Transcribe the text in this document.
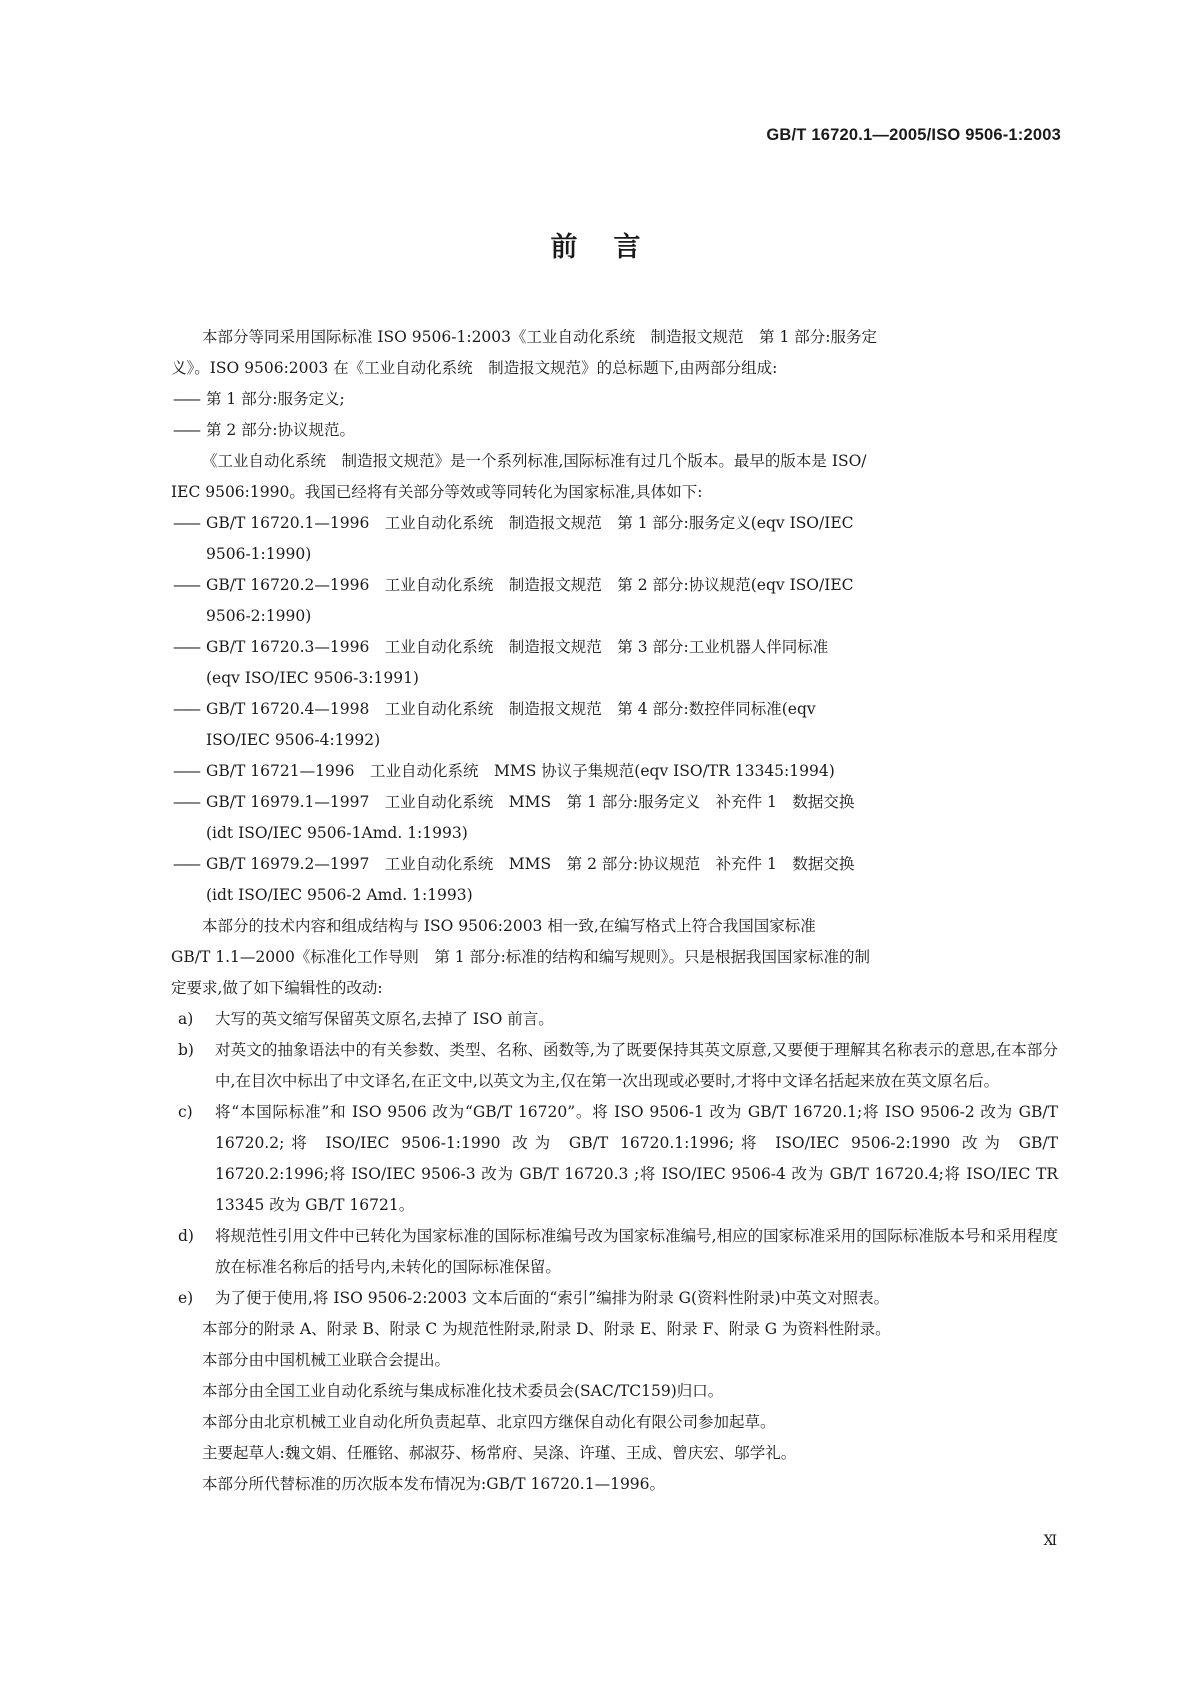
GB/T 16720.1—2005/ISO 9506-1:2003
前言
本部分等同采用国际标准 ISO 9506-1:2003《工业自动化系统　制造报文规范　第 1 部分:服务定
义》。ISO 9506:2003 在《工业自动化系统　制造报文规范》的总标题下,由两部分组成:
—— 第 1 部分:服务定义;
—— 第 2 部分:协议规范。
《工业自动化系统　制造报文规范》是一个系列标准,国际标准有过几个版本。最早的版本是 ISO/
IEC 9506:1990。我国已经将有关部分等效或等同转化为国家标准,具体如下:
—— GB/T 16720.1—1996　工业自动化系统　制造报文规范　第 1 部分:服务定义(eqv ISO/IEC
9506-1:1990)
—— GB/T 16720.2—1996　工业自动化系统　制造报文规范　第 2 部分:协议规范(eqv ISO/IEC
9506-2:1990)
—— GB/T 16720.3—1996　工业自动化系统　制造报文规范　第 3 部分:工业机器人伴同标准
(eqv ISO/IEC 9506-3:1991)
—— GB/T 16720.4—1998　工业自动化系统　制造报文规范　第 4 部分:数控伴同标准(eqv
ISO/IEC 9506-4:1992)
—— GB/T 16721—1996　工业自动化系统　MMS 协议子集规范(eqv ISO/TR 13345:1994)
—— GB/T 16979.1—1997　工业自动化系统　MMS　第 1 部分:服务定义　补充件 1　数据交换
(idt ISO/IEC 9506-1Amd. 1:1993)
—— GB/T 16979.2—1997　工业自动化系统　MMS　第 2 部分:协议规范　补充件 1　数据交换
(idt ISO/IEC 9506-2 Amd. 1:1993)
本部分的技术内容和组成结构与 ISO 9506:2003 相一致,在编写格式上符合我国国家标准
GB/T 1.1—2000《标准化工作导则　第 1 部分:标准的结构和编写规则》。只是根据我国国家标准的制
定要求,做了如下编辑性的改动:
a) 大写的英文缩写保留英文原名,去掉了 ISO 前言。
b) 对英文的抽象语法中的有关参数、类型、名称、函数等,为了既要保持其英文原意,又要便于理解其名称表示的意思,在本部分中,在目次中标出了中文译名,在正文中,以英文为主,仅在第一次出现或必要时,才将中文译名括起来放在英文原名后。
c) 将“本国际标准”和 ISO 9506 改为“GB/T 16720”。将 ISO 9506-1 改为 GB/T 16720.1;将 ISO 9506-2 改为 GB/T 16720.2;将 ISO/IEC 9506-1:1990 改为 GB/T 16720.1:1996;将 ISO/IEC 9506-2:1990 改为 GB/T 16720.2:1996;将 ISO/IEC 9506-3 改为 GB/T 16720.3 ;将 ISO/IEC 9506-4 改为 GB/T 16720.4;将 ISO/IEC TR 13345 改为 GB/T 16721。
d) 将规范性引用文件中已转化为国家标准的国际标准编号改为国家标准编号,相应的国家标准采用的国际标准版本号和采用程度放在标准名称后的括号内,未转化的国际标准保留。
e) 为了便于使用,将 ISO 9506-2:2003 文本后面的“索引”编排为附录 G(资料性附录)中英文对照表。
本部分的附录 A、附录 B、附录 C 为规范性附录,附录 D、附录 E、附录 F、附录 G 为资料性附录。
本部分由中国机械工业联合会提出。
本部分由全国工业自动化系统与集成标准化技术委员会(SAC/TC159)归口。
本部分由北京机械工业自动化所负责起草、北京四方继保自动化有限公司参加起草。
主要起草人:魏文娟、任雁铭、郝淑芬、杨常府、吴涤、许瑾、王成、曾庆宏、邬学礼。
本部分所代替标准的历次版本发布情况为:GB/T 16720.1—1996。
Ⅺ
